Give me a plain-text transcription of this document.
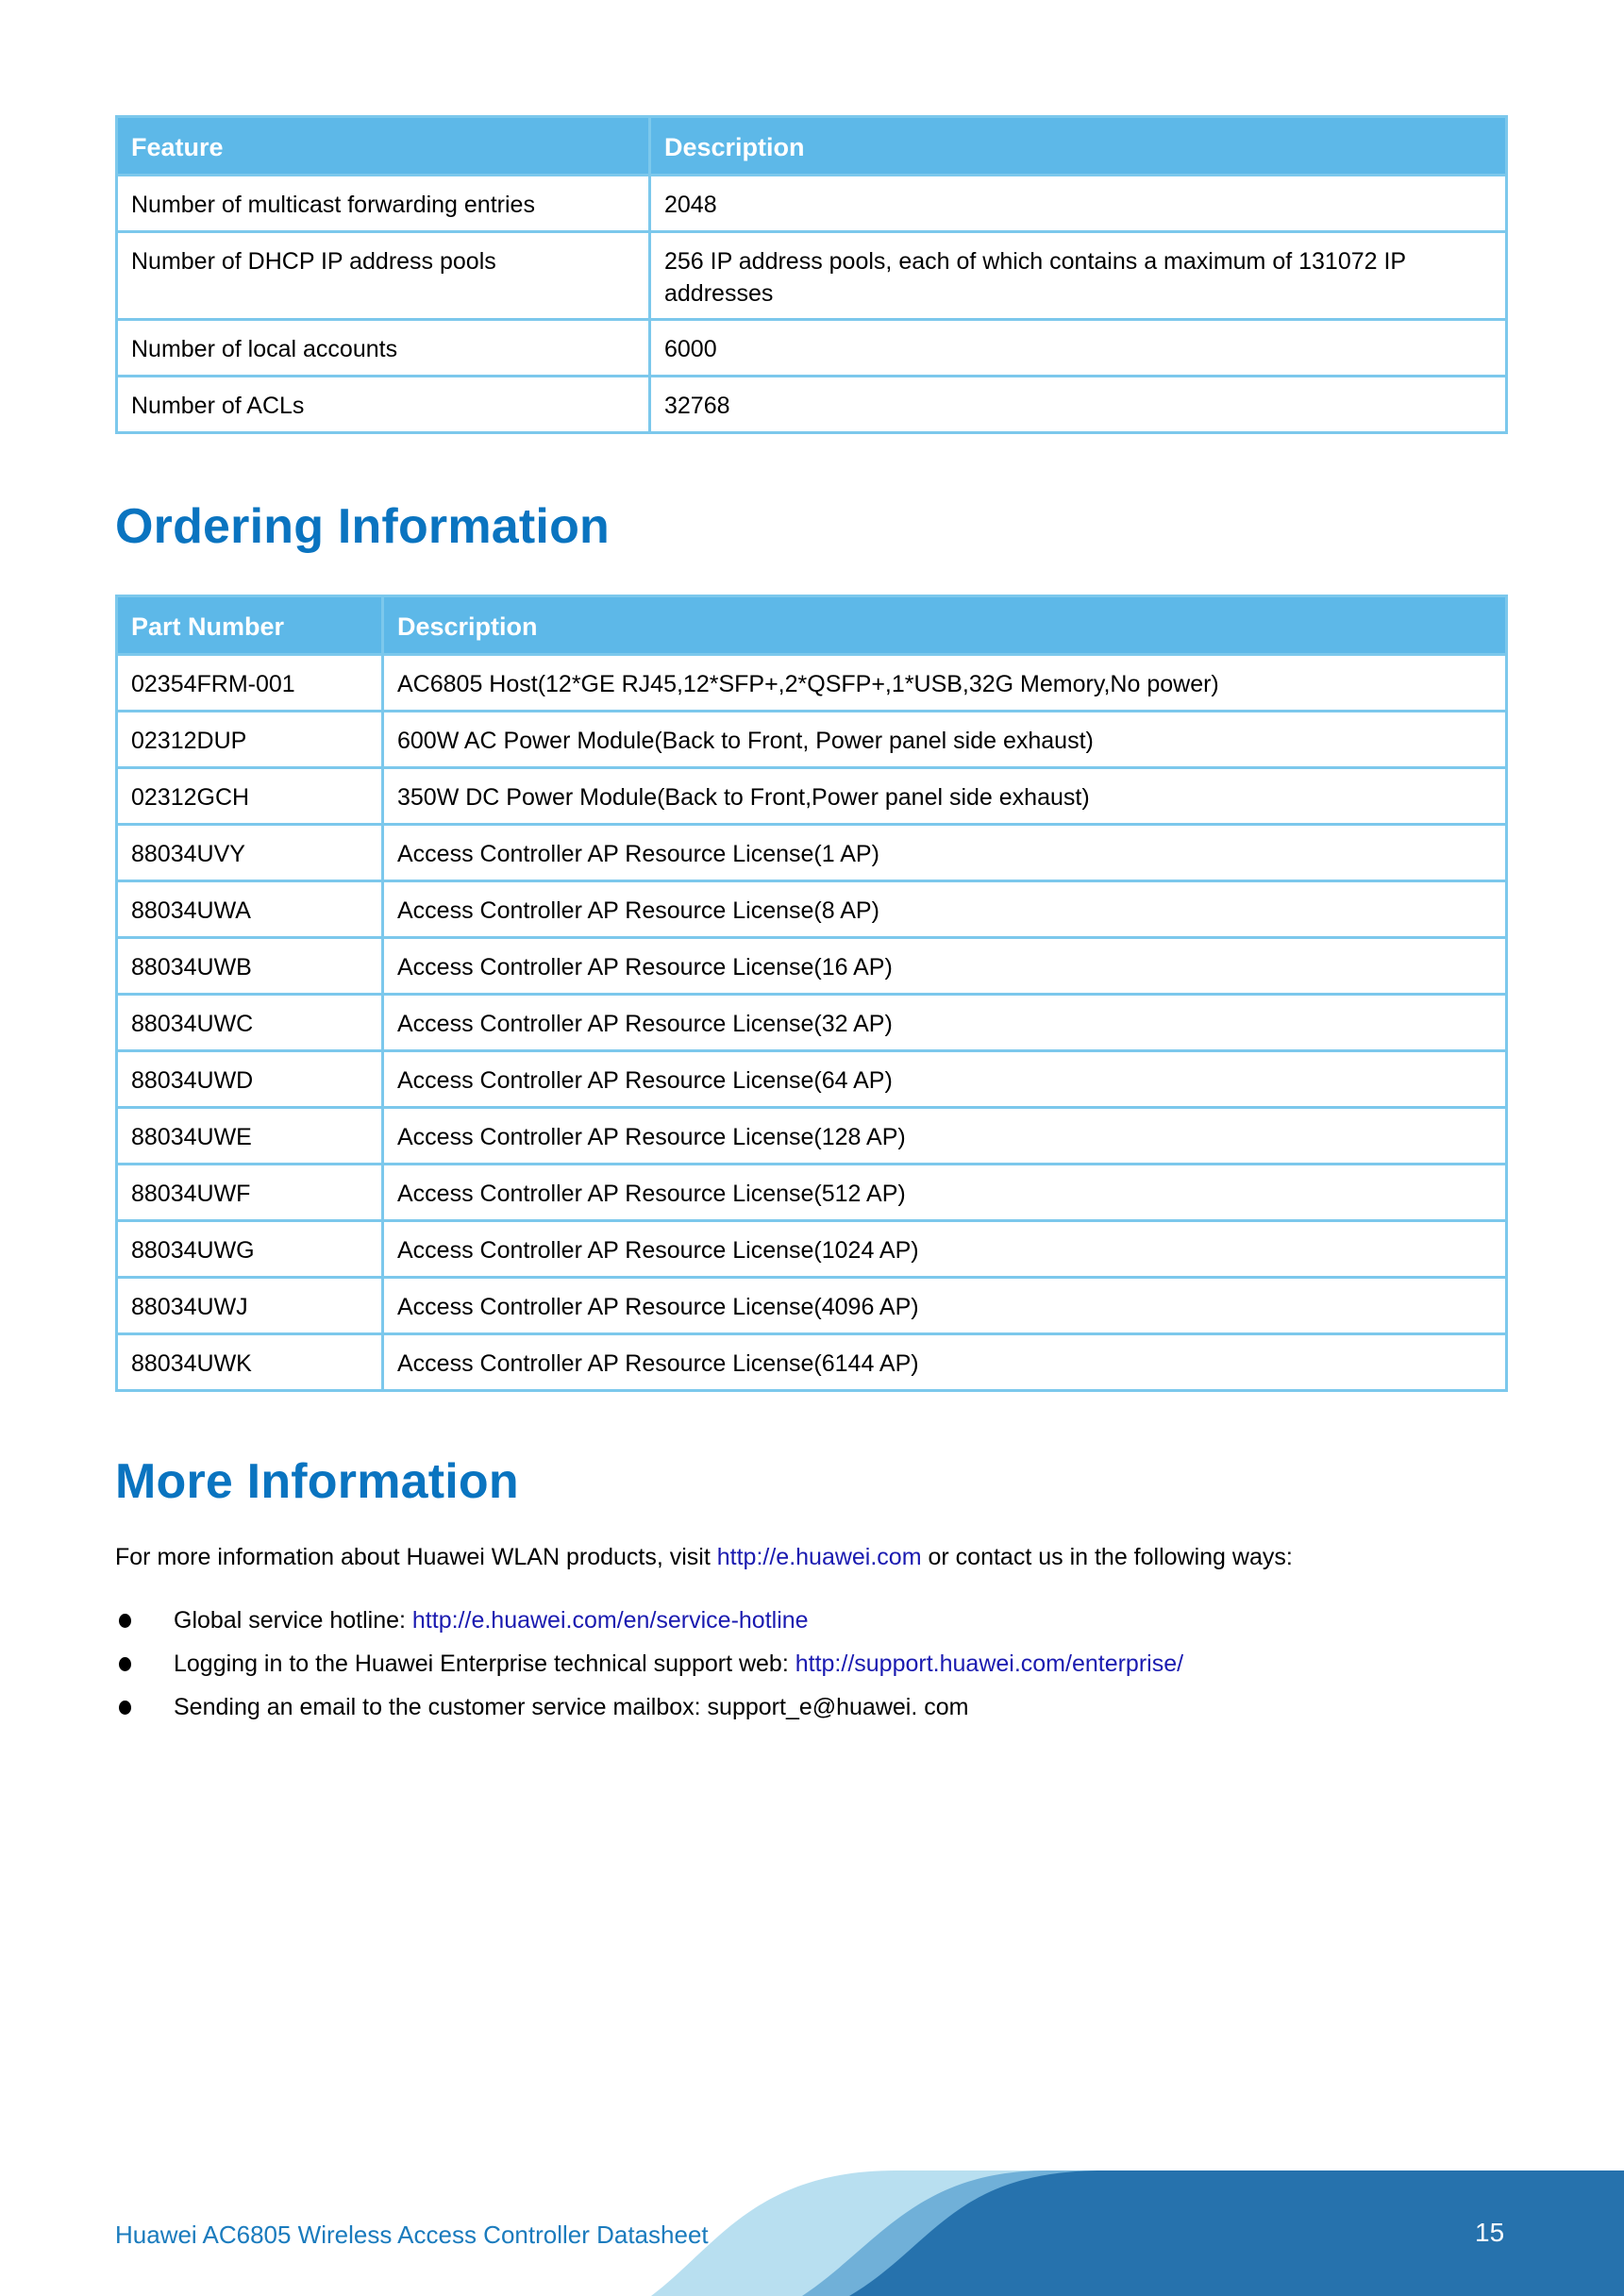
Feature	Description
Number of multicast forwarding entries	2048
Number of DHCP IP address pools	256 IP address pools, each of which contains a maximum of 131072 IP addresses
Number of local accounts	6000
Number of ACLs	32768
Ordering Information
Part Number	Description
02354FRM-001	AC6805 Host(12*GE RJ45,12*SFP+,2*QSFP+,1*USB,32G Memory,No power)
02312DUP	600W AC Power Module(Back to Front, Power panel side exhaust)
02312GCH	350W DC Power Module(Back to Front,Power panel side exhaust)
88034UVY	Access Controller AP Resource License(1 AP)
88034UWA	Access Controller AP Resource License(8 AP)
88034UWB	Access Controller AP Resource License(16 AP)
88034UWC	Access Controller AP Resource License(32 AP)
88034UWD	Access Controller AP Resource License(64 AP)
88034UWE	Access Controller AP Resource License(128 AP)
88034UWF	Access Controller AP Resource License(512 AP)
88034UWG	Access Controller AP Resource License(1024 AP)
88034UWJ	Access Controller AP Resource License(4096 AP)
88034UWK	Access Controller AP Resource License(6144 AP)
More Information

For more information about Huawei WLAN products, visit http://e.huawei.com or contact us in the following ways:

Global service hotline: http://e.huawei.com/en/service-hotline
Logging in to the Huawei Enterprise technical support web: http://support.huawei.com/enterprise/
Sending an email to the customer service mailbox: support_e@huawei. com
Huawei AC6805 Wireless Access Controller Datasheet	15
